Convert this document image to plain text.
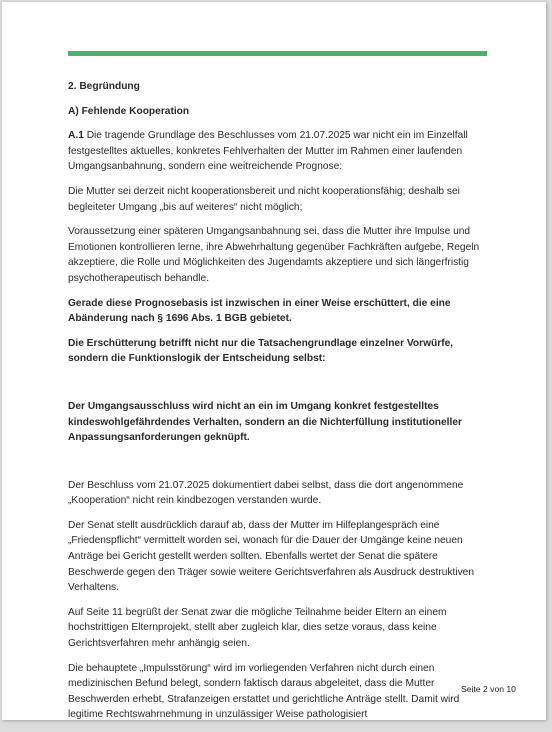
2. Begründung

A) Fehlende Kooperation

A.1 Die tragende Grundlage des Beschlusses vom 21.07.2025 war nicht ein im Einzelfall festgestelltes aktuelles, konkretes Fehlverhalten der Mutter im Rahmen einer laufenden Umgangsanbahnung, sondern eine weitreichende Prognose:

Die Mutter sei derzeit nicht kooperationsbereit und nicht kooperationsfähig; deshalb sei begleiteter Umgang „bis auf weiteres“ nicht möglich;

Voraussetzung einer späteren Umgangsanbahnung sei, dass die Mutter ihre Impulse und Emotionen kontrollieren lerne, ihre Abwehrhaltung gegenüber Fachkräften aufgebe, Regeln akzeptiere, die Rolle und Möglichkeiten des Jugendamts akzeptiere und sich längerfristig psychotherapeutisch behandle.

Gerade diese Prognosebasis ist inzwischen in einer Weise erschüttert, die eine Abänderung nach § 1696 Abs. 1 BGB gebietet.

Die Erschütterung betrifft nicht nur die Tatsachengrundlage einzelner Vorwürfe, sondern die Funktionslogik der Entscheidung selbst:

Der Umgangsausschluss wird nicht an ein im Umgang konkret festgestelltes kindeswohlgefährdendes Verhalten, sondern an die Nichterfüllung institutioneller Anpassungsanforderungen geknüpft.

Der Beschluss vom 21.07.2025 dokumentiert dabei selbst, dass die dort angenommene „Kooperation“ nicht rein kindbezogen verstanden wurde.

Der Senat stellt ausdrücklich darauf ab, dass der Mutter im Hilfeplangespräch eine „Friedenspflicht“ vermittelt worden sei, wonach für die Dauer der Umgänge keine neuen Anträge bei Gericht gestellt werden sollten. Ebenfalls wertet der Senat die spätere Beschwerde gegen den Träger sowie weitere Gerichtsverfahren als Ausdruck destruktiven Verhaltens.

Auf Seite 11 begrüßt der Senat zwar die mögliche Teilnahme beider Eltern an einem hochstrittigen Elternprojekt, stellt aber zugleich klar, dies setze voraus, dass keine Gerichtsverfahren mehr anhängig seien.

Die behauptete „Impulsstörung“ wird im vorliegenden Verfahren nicht durch einen medizinischen Befund belegt, sondern faktisch daraus abgeleitet, dass die Mutter Beschwerden erhebt, Strafanzeigen erstattet und gerichtliche Anträge stellt. Damit wird legitime Rechtswahrnehmung in unzulässiger Weise pathologisiert

Seite 2 von 10
